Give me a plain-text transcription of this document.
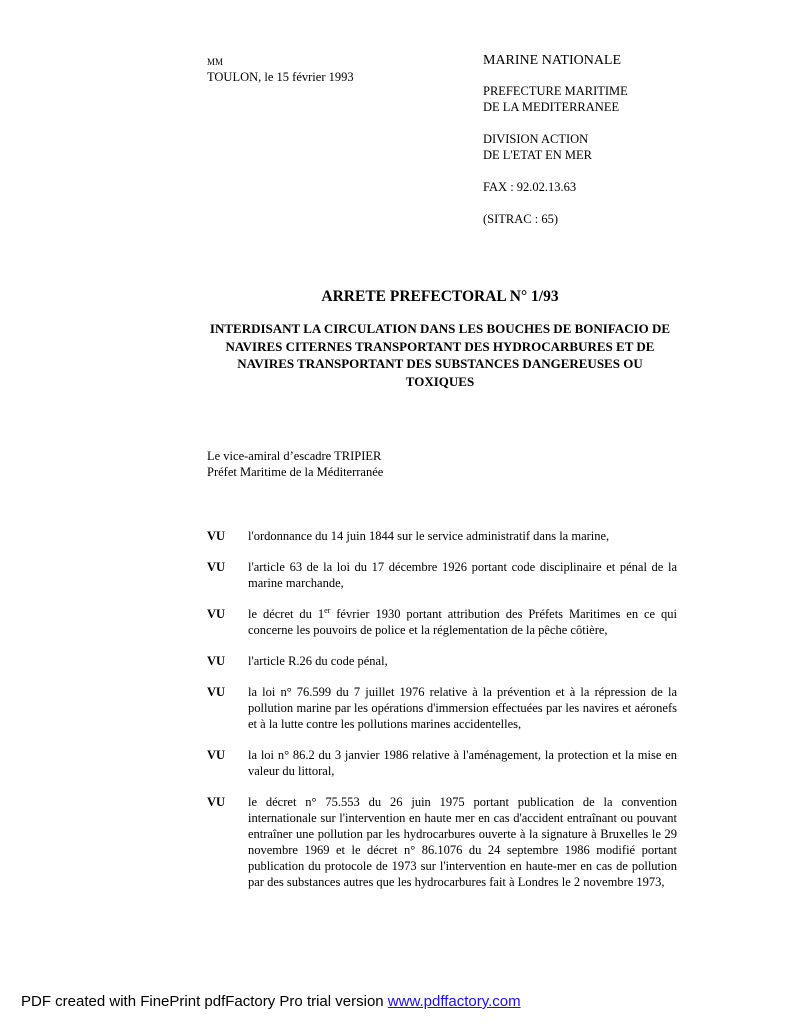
MM
TOULON, le 15 février 1993
MARINE NATIONALE
PREFECTURE MARITIME
DE LA MEDITERRANEE
DIVISION ACTION
DE L'ETAT EN MER
FAX : 92.02.13.63
(SITRAC : 65)
ARRETE PREFECTORAL N° 1/93
INTERDISANT LA CIRCULATION DANS LES BOUCHES DE BONIFACIO DE NAVIRES CITERNES TRANSPORTANT DES HYDROCARBURES ET DE NAVIRES TRANSPORTANT DES SUBSTANCES DANGEREUSES OU TOXIQUES
Le vice-amiral d’escadre TRIPIER
Préfet Maritime de la Méditerranée
VU	l'ordonnance du 14 juin 1844 sur le service administratif dans la marine,
VU	l'article 63 de la loi du 17 décembre 1926 portant code disciplinaire et pénal de la marine marchande,
VU	le décret du 1er février 1930 portant attribution des Préfets Maritimes en ce qui concerne les pouvoirs de police et la réglementation de la pêche côtière,
VU	l'article R.26 du code pénal,
VU	la loi n° 76.599 du 7 juillet 1976 relative à la prévention et à la répression de la pollution marine par les opérations d'immersion effectuées par les navires et aéronefs et à la lutte contre les pollutions marines accidentelles,
VU	la loi n° 86.2 du 3 janvier 1986 relative à l'aménagement, la protection et la mise en valeur du littoral,
VU	le décret n° 75.553 du 26 juin 1975 portant publication de la convention internationale sur l'intervention en haute mer en cas d'accident entraînant ou pouvant entraîner une pollution par les hydrocarbures ouverte à la signature à Bruxelles le 29 novembre 1969 et le décret n° 86.1076 du 24 septembre 1986 modifié portant publication du protocole de 1973 sur l'intervention en haute-mer en cas de pollution par des substances autres que les hydrocarbures fait à Londres le 2 novembre 1973,
PDF created with FinePrint pdfFactory Pro trial version www.pdffactory.com
